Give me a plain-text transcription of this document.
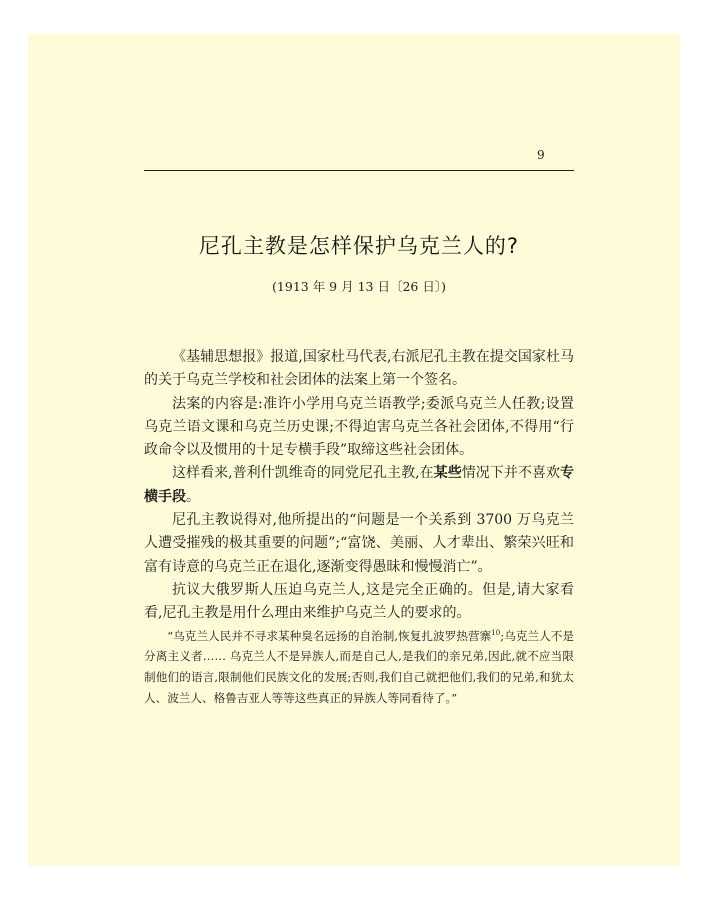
9
尼孔主教是怎样保护乌克兰人的?
(1913 年 9 月 13 日〔26 日〕)

《基辅思想报》报道,国家杜马代表,右派尼孔主教在提交国家杜马的关于乌克兰学校和社会团体的法案上第一个签名。

法案的内容是:准许小学用乌克兰语教学;委派乌克兰人任教;设置乌克兰语文课和乌克兰历史课;不得迫害乌克兰各社会团体,不得用“行政命令以及惯用的十足专横手段”取缔这些社会团体。

这样看来,普利什凯维奇的同党尼孔主教,在某些情况下并不喜欢专横手段。

尼孔主教说得对,他所提出的“问题是一个关系到 3700 万乌克兰人遭受摧残的极其重要的问题”;“富饶、美丽、人才辈出、繁荣兴旺和富有诗意的乌克兰正在退化,逐渐变得愚昧和慢慢消亡”。

抗议大俄罗斯人压迫乌克兰人,这是完全正确的。但是,请大家看看,尼孔主教是用什么理由来维护乌克兰人的要求的。

“乌克兰人民并不寻求某种臭名远扬的自治制,恢复扎波罗热营寨$^{10}$;乌克兰人不是分离主义者…… 乌克兰人不是异族人,而是自己人,是我们的亲兄弟,因此,就不应当限制他们的语言,限制他们民族文化的发展;否则,我们自己就把他们,我们的兄弟,和犹太人、波兰人、格鲁吉亚人等等这些真正的异族人等同看待了。”
